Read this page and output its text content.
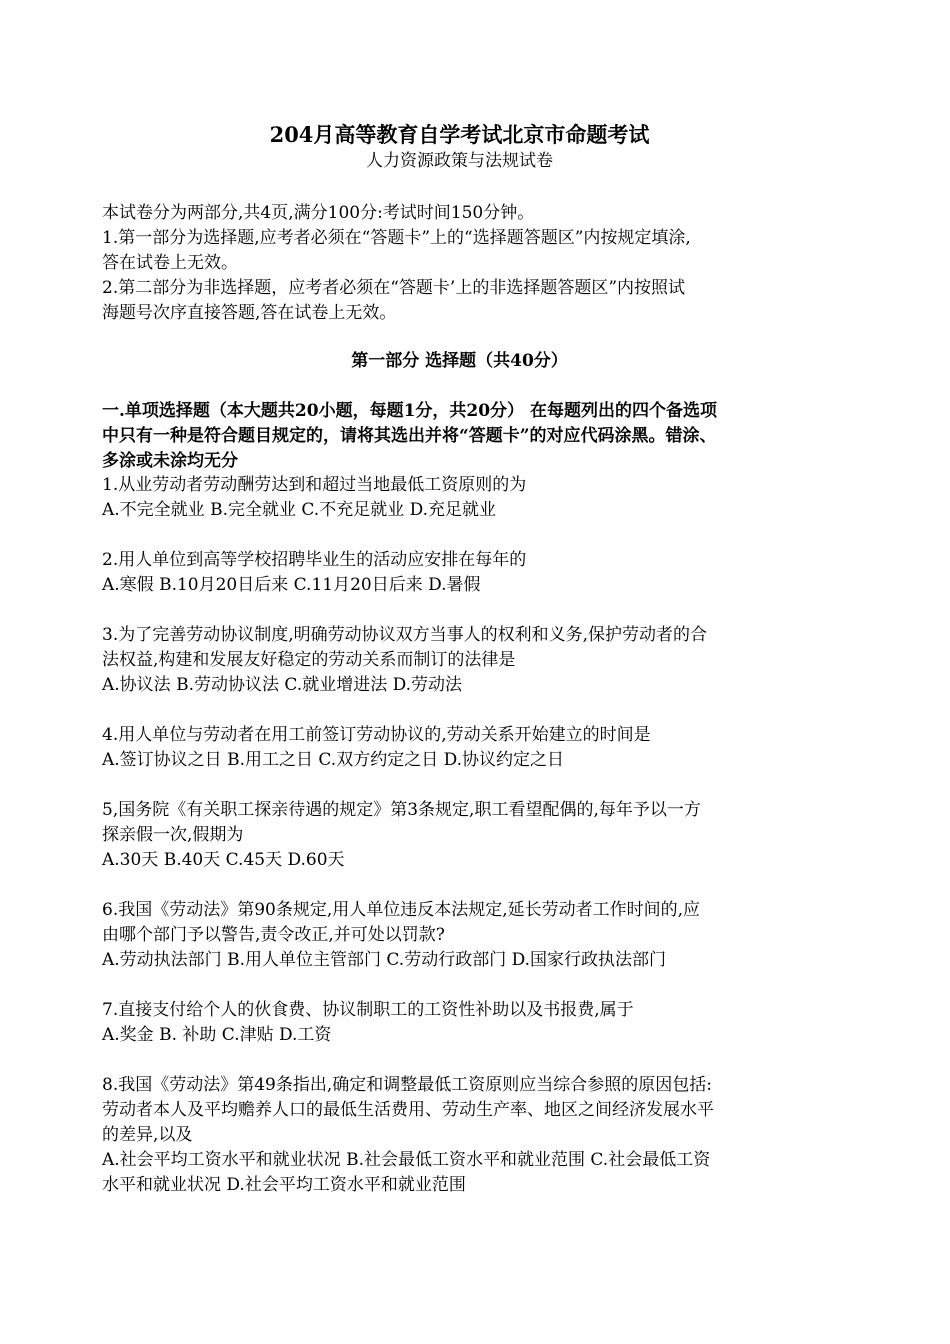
204月高等教育自学考试北京市命题考试
人力资源政策与法规试卷
本试卷分为两部分,共4页,满分100分:考试时间150分钟。
1.第一部分为选择题,应考者必须在“答题卡”上的“选择题答题区”内按规定填涂,
答在试卷上无效。
2.第二部分为非选择题，应考者必须在“答题卡’上的非选择题答题区”内按照试
海题号次序直接答题,答在试卷上无效。
第一部分 选择题（共40分）
一.单项选择题（本大题共20小题，每题1分，共20分） 在每题列出的四个备选项
中只有一种是符合题目规定的，请将其选出并将“答题卡”的对应代码涂黑。错涂、
多涂或未涂均无分
1.从业劳动者劳动酬劳达到和超过当地最低工资原则的为
A.不完全就业 B.完全就业 C.不充足就业 D.充足就业
2.用人单位到高等学校招聘毕业生的活动应安排在每年的
A.寒假 B.10月20日后来 C.11月20日后来 D.暑假
3.为了完善劳动协议制度,明确劳动协议双方当事人的权利和义务,保护劳动者的合
法权益,构建和发展友好稳定的劳动关系而制订的法律是
A.协议法 B.劳动协议法 C.就业增进法 D.劳动法
4.用人单位与劳动者在用工前签订劳动协议的,劳动关系开始建立的时间是
A.签订协议之日 B.用工之日 C.双方约定之日 D.协议约定之日
5,国务院《有关职工探亲待遇的规定》第3条规定,职工看望配偶的,每年予以一方
探亲假一次,假期为
A.30天 B.40天 C.45天 D.60天
6.我国《劳动法》第90条规定,用人单位违反本法规定,延长劳动者工作时间的,应
由哪个部门予以警告,责令改正,并可处以罚款?
A.劳动执法部门 B.用人单位主管部门 C.劳动行政部门 D.国家行政执法部门
7.直接支付给个人的伙食费、协议制职工的工资性补助以及书报费,属于
A.奖金 B. 补助 C.津贴 D.工资
8.我国《劳动法》第49条指出,确定和调整最低工资原则应当综合参照的原因包括:
劳动者本人及平均赡养人口的最低生活费用、劳动生产率、地区之间经济发展水平
的差异,以及
A.社会平均工资水平和就业状况 B.社会最低工资水平和就业范围 C.社会最低工资
水平和就业状况 D.社会平均工资水平和就业范围
